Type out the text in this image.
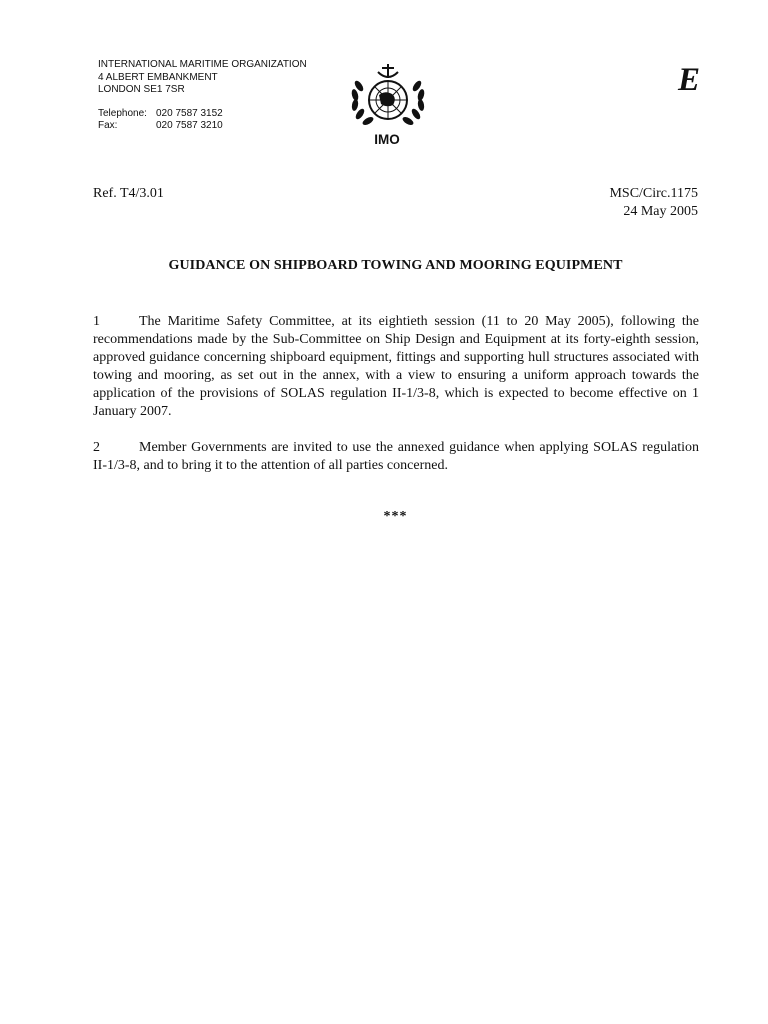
INTERNATIONAL MARITIME ORGANIZATION
4 ALBERT EMBANKMENT
LONDON SE1 7SR
Telephone: 020 7587 3152
Fax:	020 7587 3210
IMO
E
Ref. T4/3.01	MSC/Circ.1175
24 May 2005
GUIDANCE ON SHIPBOARD TOWING AND MOORING EQUIPMENT

1	The Maritime Safety Committee, at its eightieth session (11 to 20 May 2005), following the recommendations made by the Sub-Committee on Ship Design and Equipment at its forty-eighth session, approved guidance concerning shipboard equipment, fittings and supporting hull structures associated with towing and mooring, as set out in the annex, with a view to ensuring a uniform approach towards the application of the provisions of SOLAS regulation II-1/3-8, which is expected to become effective on 1 January 2007.

2	Member Governments are invited to use the annexed guidance when applying SOLAS regulation II-1/3-8, and to bring it to the attention of all parties concerned.

***
